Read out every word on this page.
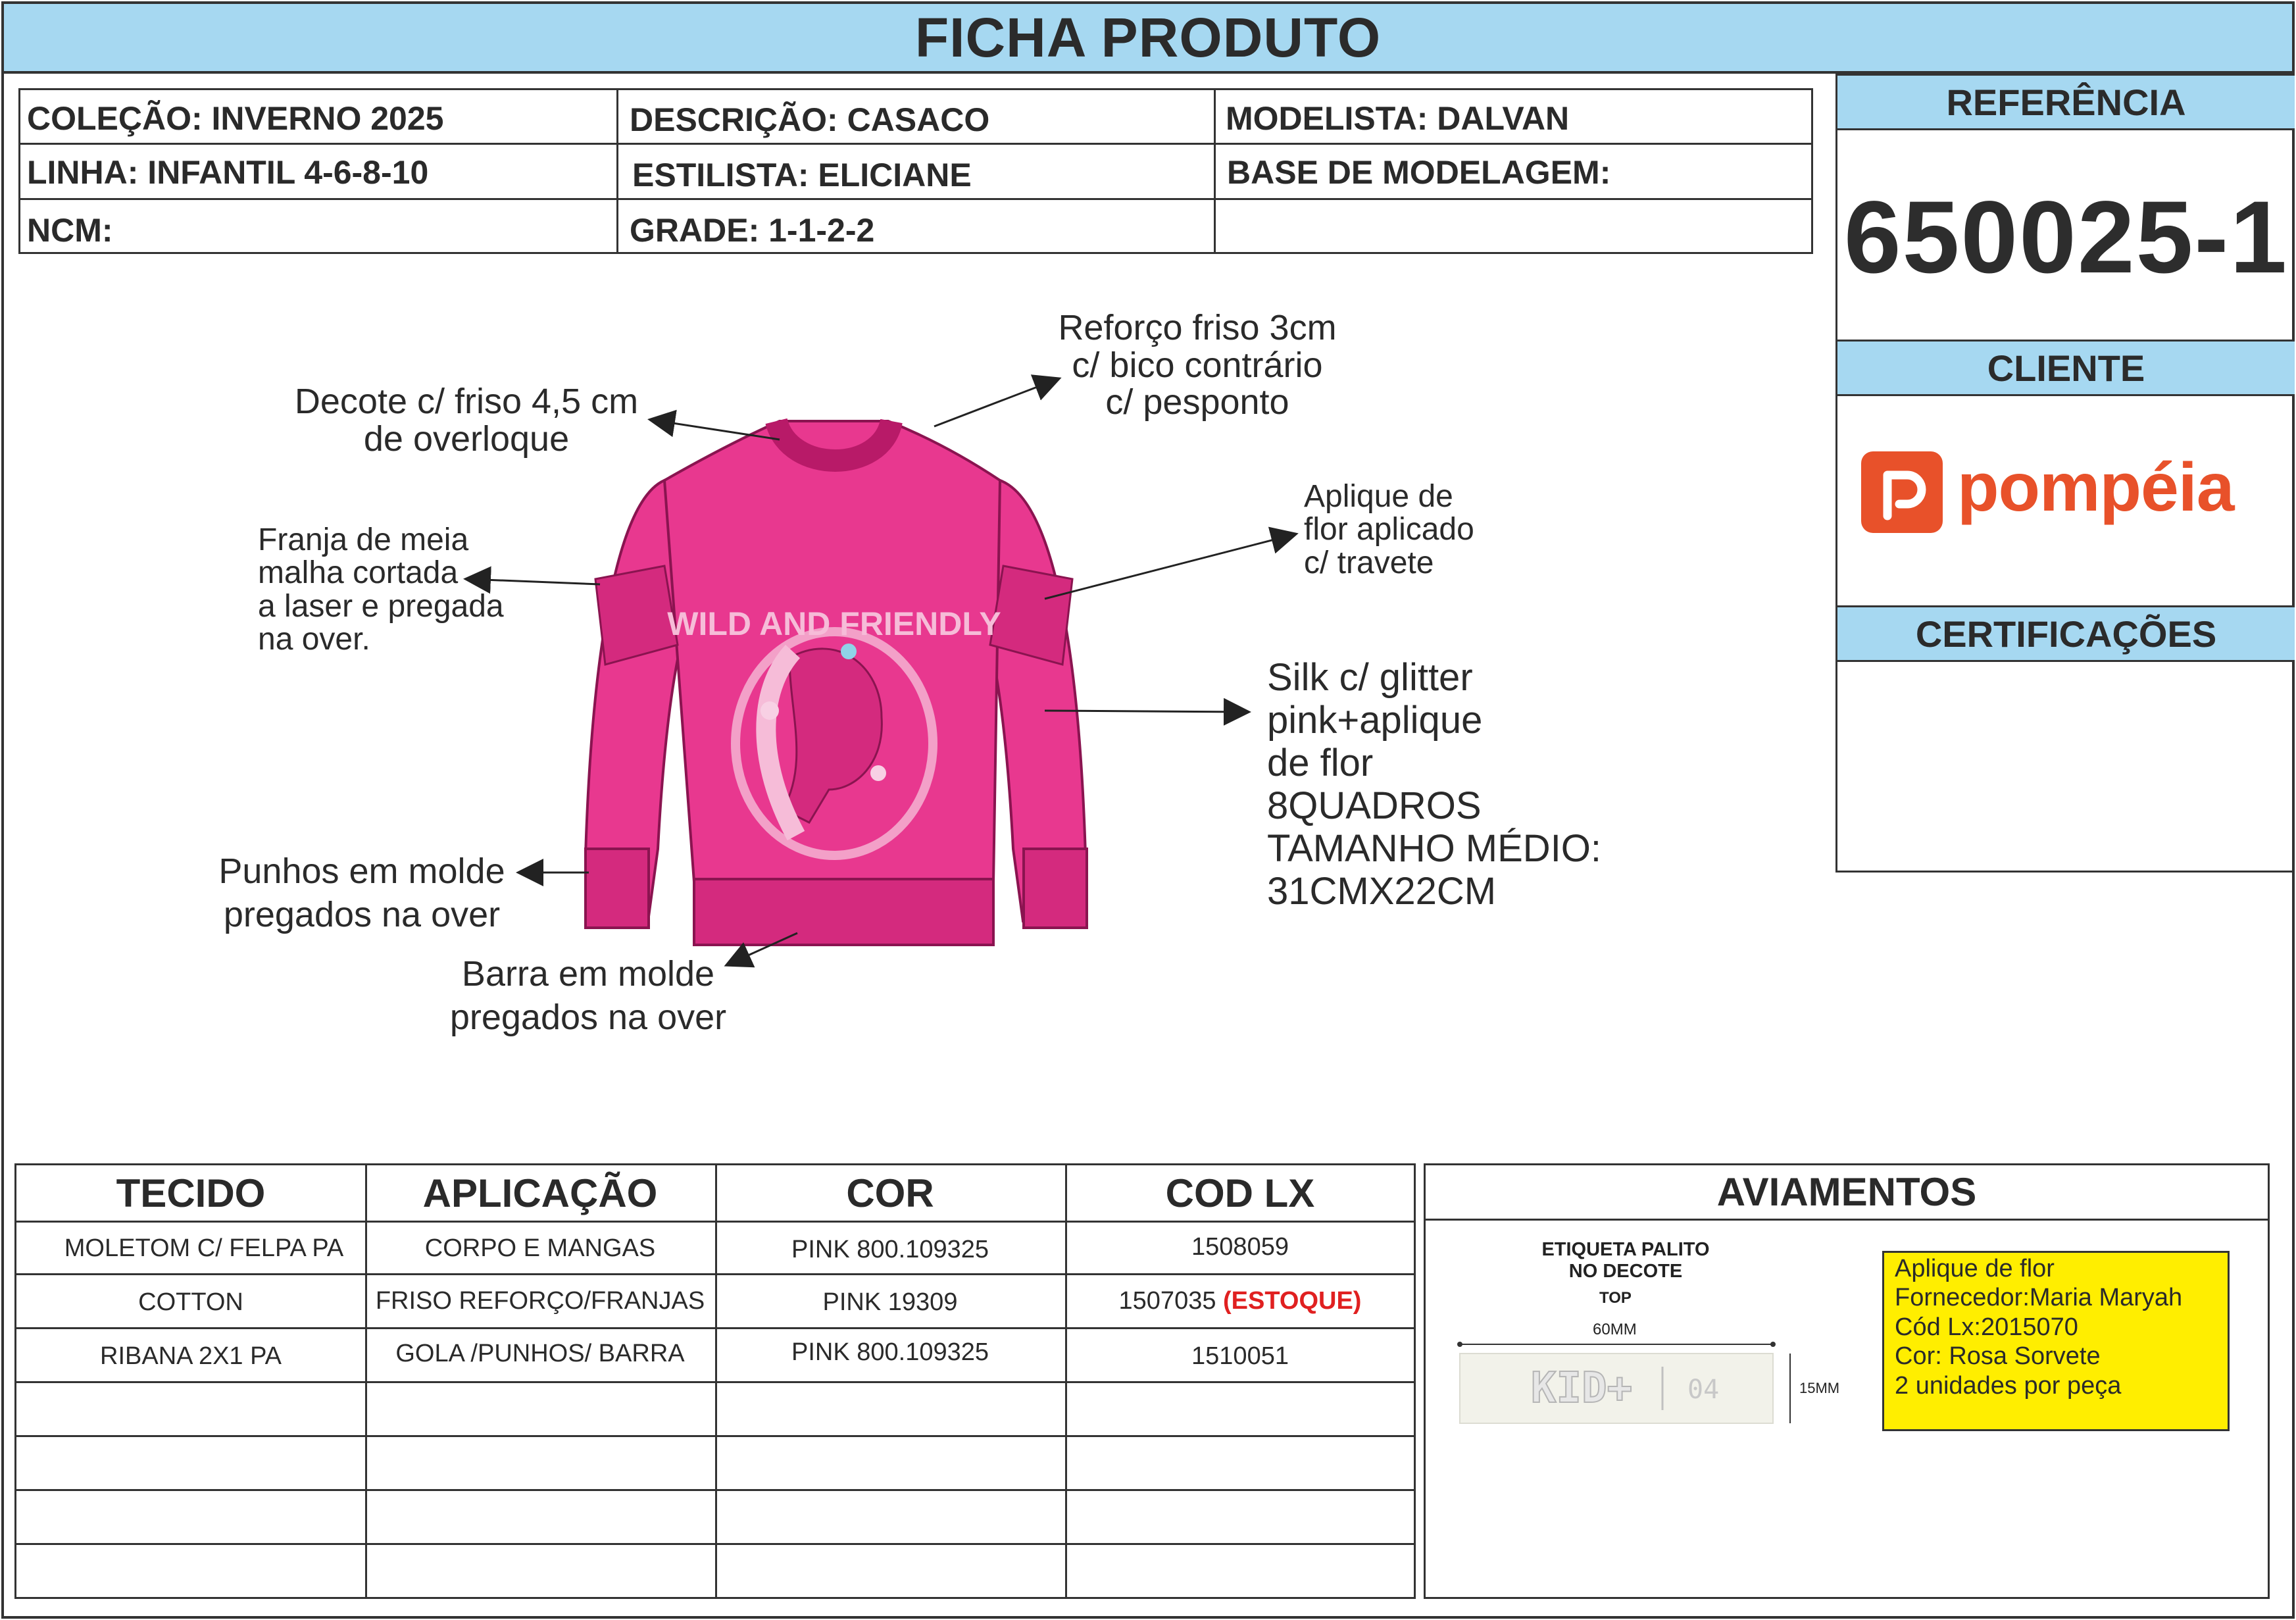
FICHA PRODUTO
COLEÇÃO: INVERNO 2025	DESCRIÇÃO: CASACO	MODELISTA: DALVAN
LINHA: INFANTIL 4-6-8-10	ESTILISTA: ELICIANE	BASE DE MODELAGEM:
NCM:	GRADE: 1-1-2-2
REFERÊNCIA
650025-1
CLIENTE
pompéia
CERTIFICAÇÕES
WILD AND FRIENDLY
Decote c/ friso 4,5 cm
de overloque
Reforço friso 3cm
c/ bico contrário
c/ pesponto
Franja de meia
malha cortada
a laser e pregada
na over.
Aplique de
flor aplicado
c/ travete
Silk c/ glitter
pink+aplique
de flor
8QUADROS
TAMANHO MÉDIO:
31CMX22CM
Punhos em molde
pregados na over
Barra em molde
pregados na over
TECIDO	APLICAÇÃO	COR	COD LX
MOLETOM C/ FELPA PA	CORPO E MANGAS	PINK 800.109325	1508059
COTTON	FRISO REFORÇO/FRANJAS	PINK 19309	1507035
(ESTOQUE)
RIBANA 2X1 PA	GOLA /PUNHOS/ BARRA	PINK 800.109325	1510051
AVIAMENTOS
ETIQUETA PALITO
NO DECOTE
TOP
60MM
KID+ 04	15MM
Aplique de flor
Fornecedor:Maria Maryah
Cód Lx:2015070
Cor: Rosa Sorvete
2 unidades por peça
